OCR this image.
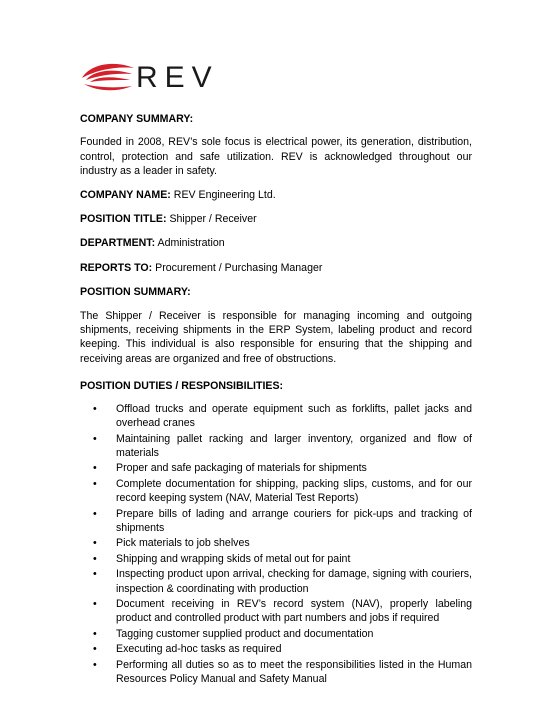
REV
COMPANY SUMMARY:
Founded in 2008, REV’s sole focus is electrical power, its generation, distribution, control, protection and safe utilization. REV is acknowledged throughout our industry as a leader in safety.
COMPANY NAME: REV Engineering Ltd.
POSITION TITLE: Shipper / Receiver
DEPARTMENT: Administration
REPORTS TO: Procurement / Purchasing Manager
POSITION SUMMARY:
The Shipper / Receiver is responsible for managing incoming and outgoing shipments, receiving shipments in the ERP System, labeling product and record keeping. This individual is also responsible for ensuring that the shipping and receiving areas are organized and free of obstructions.
POSITION DUTIES / RESPONSIBILITIES:
• Offload trucks and operate equipment such as forklifts, pallet jacks and overhead cranes
• Maintaining pallet racking and larger inventory, organized and flow of materials
• Proper and safe packaging of materials for shipments
• Complete documentation for shipping, packing slips, customs, and for our record keeping system (NAV, Material Test Reports)
• Prepare bills of lading and arrange couriers for pick-ups and tracking of shipments
• Pick materials to job shelves
• Shipping and wrapping skids of metal out for paint
• Inspecting product upon arrival, checking for damage, signing with couriers, inspection & coordinating with production
• Document receiving in REV’s record system (NAV), properly labeling product and controlled product with part numbers and jobs if required
• Tagging customer supplied product and documentation
• Executing ad-hoc tasks as required
• Performing all duties so as to meet the responsibilities listed in the Human Resources Policy Manual and Safety Manual
